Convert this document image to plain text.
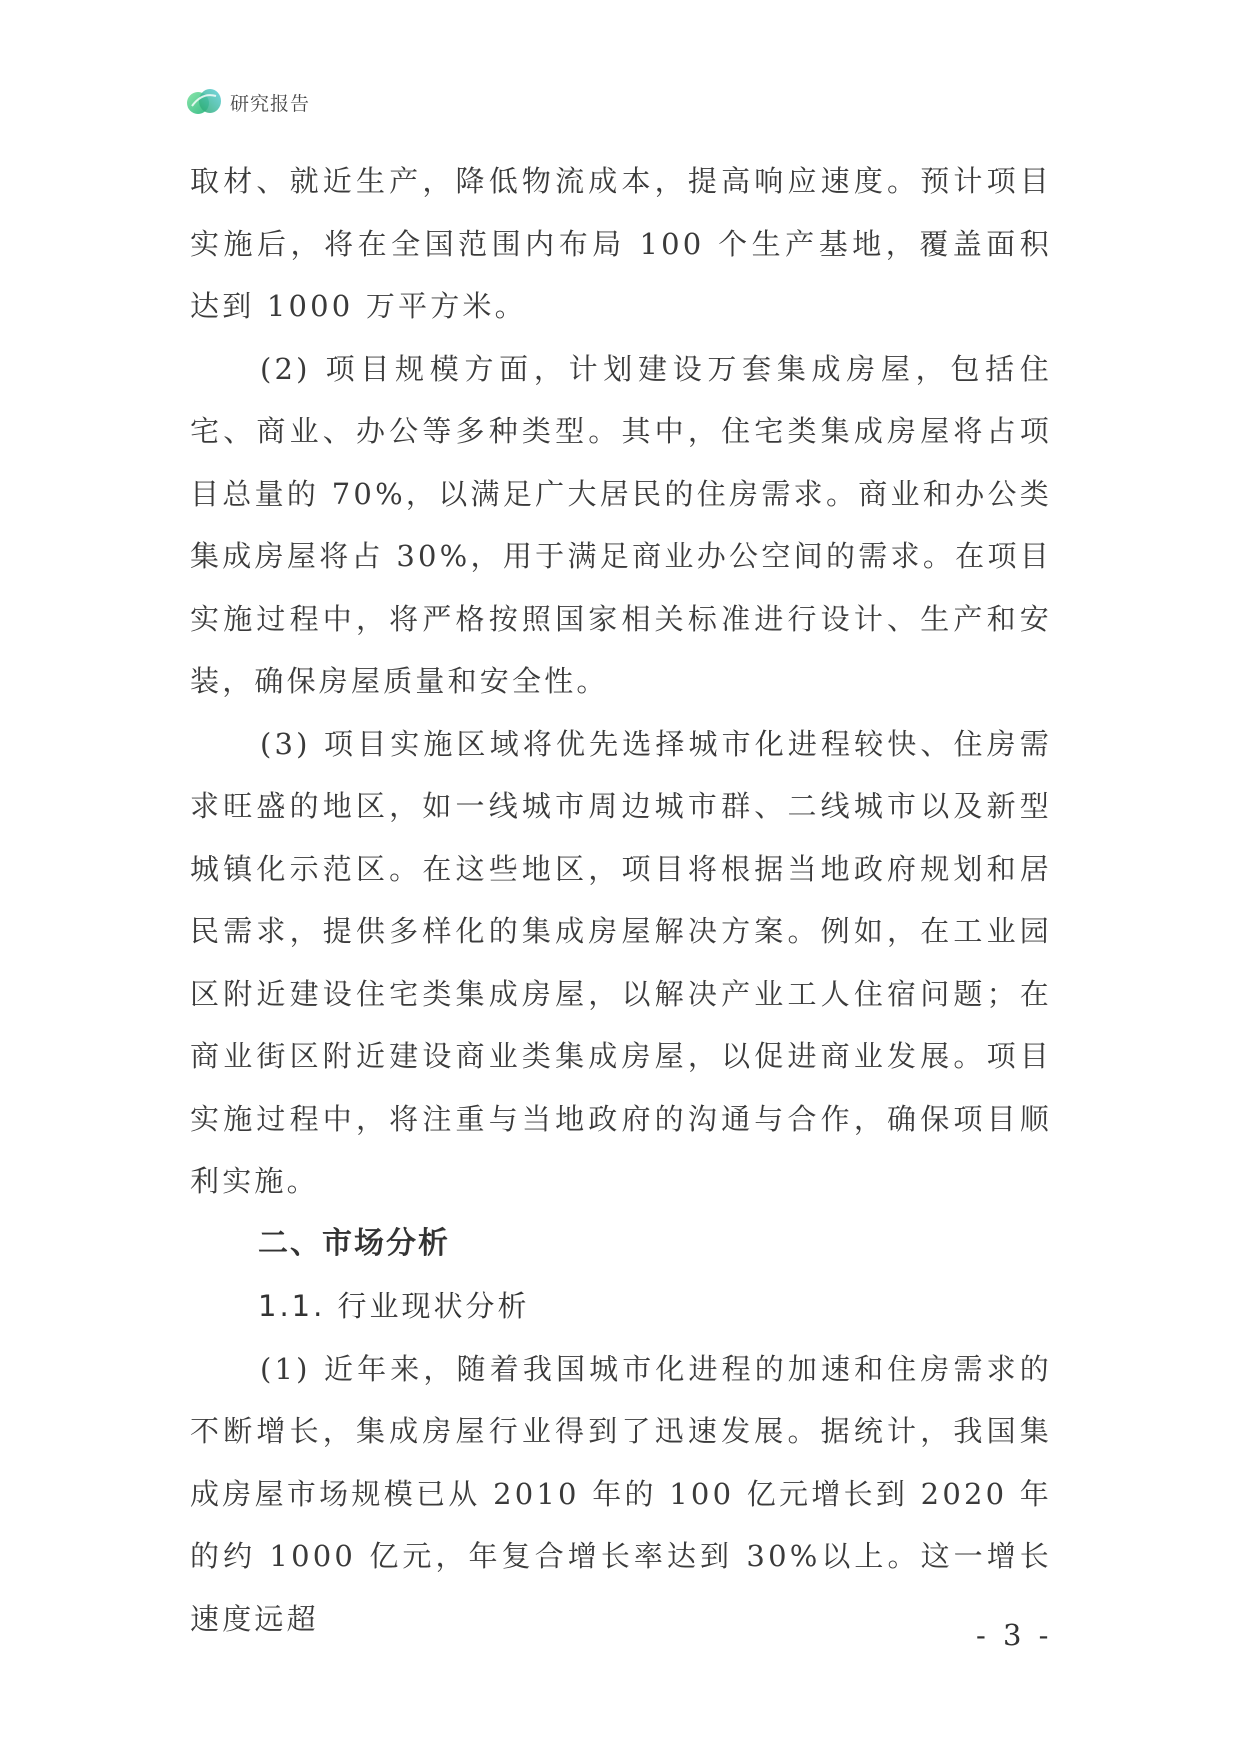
研究报告

取材、就近生产，降低物流成本，提高响应速度。预计项目实施后，将在全国范围内布局 100 个生产基地，覆盖面积达到 1000 万平方米。

(2) 项目规模方面，计划建设万套集成房屋，包括住宅、商业、办公等多种类型。其中，住宅类集成房屋将占项目总量的 70%，以满足广大居民的住房需求。商业和办公类集成房屋将占 30%，用于满足商业办公空间的需求。在项目实施过程中，将严格按照国家相关标准进行设计、生产和安装，确保房屋质量和安全性。

(3) 项目实施区域将优先选择城市化进程较快、住房需求旺盛的地区，如一线城市周边城市群、二线城市以及新型城镇化示范区。在这些地区，项目将根据当地政府规划和居民需求，提供多样化的集成房屋解决方案。例如，在工业园区附近建设住宅类集成房屋，以解决产业工人住宿问题；在商业街区附近建设商业类集成房屋，以促进商业发展。项目实施过程中，将注重与当地政府的沟通与合作，确保项目顺利实施。

二、市场分析

1.1. 行业现状分析

(1) 近年来，随着我国城市化进程的加速和住房需求的不断增长，集成房屋行业得到了迅速发展。据统计，我国集成房屋市场规模已从 2010 年的 100 亿元增长到 2020 年的约 1000 亿元，年复合增长率达到 30%以上。这一增长速度远超	- 3 -
